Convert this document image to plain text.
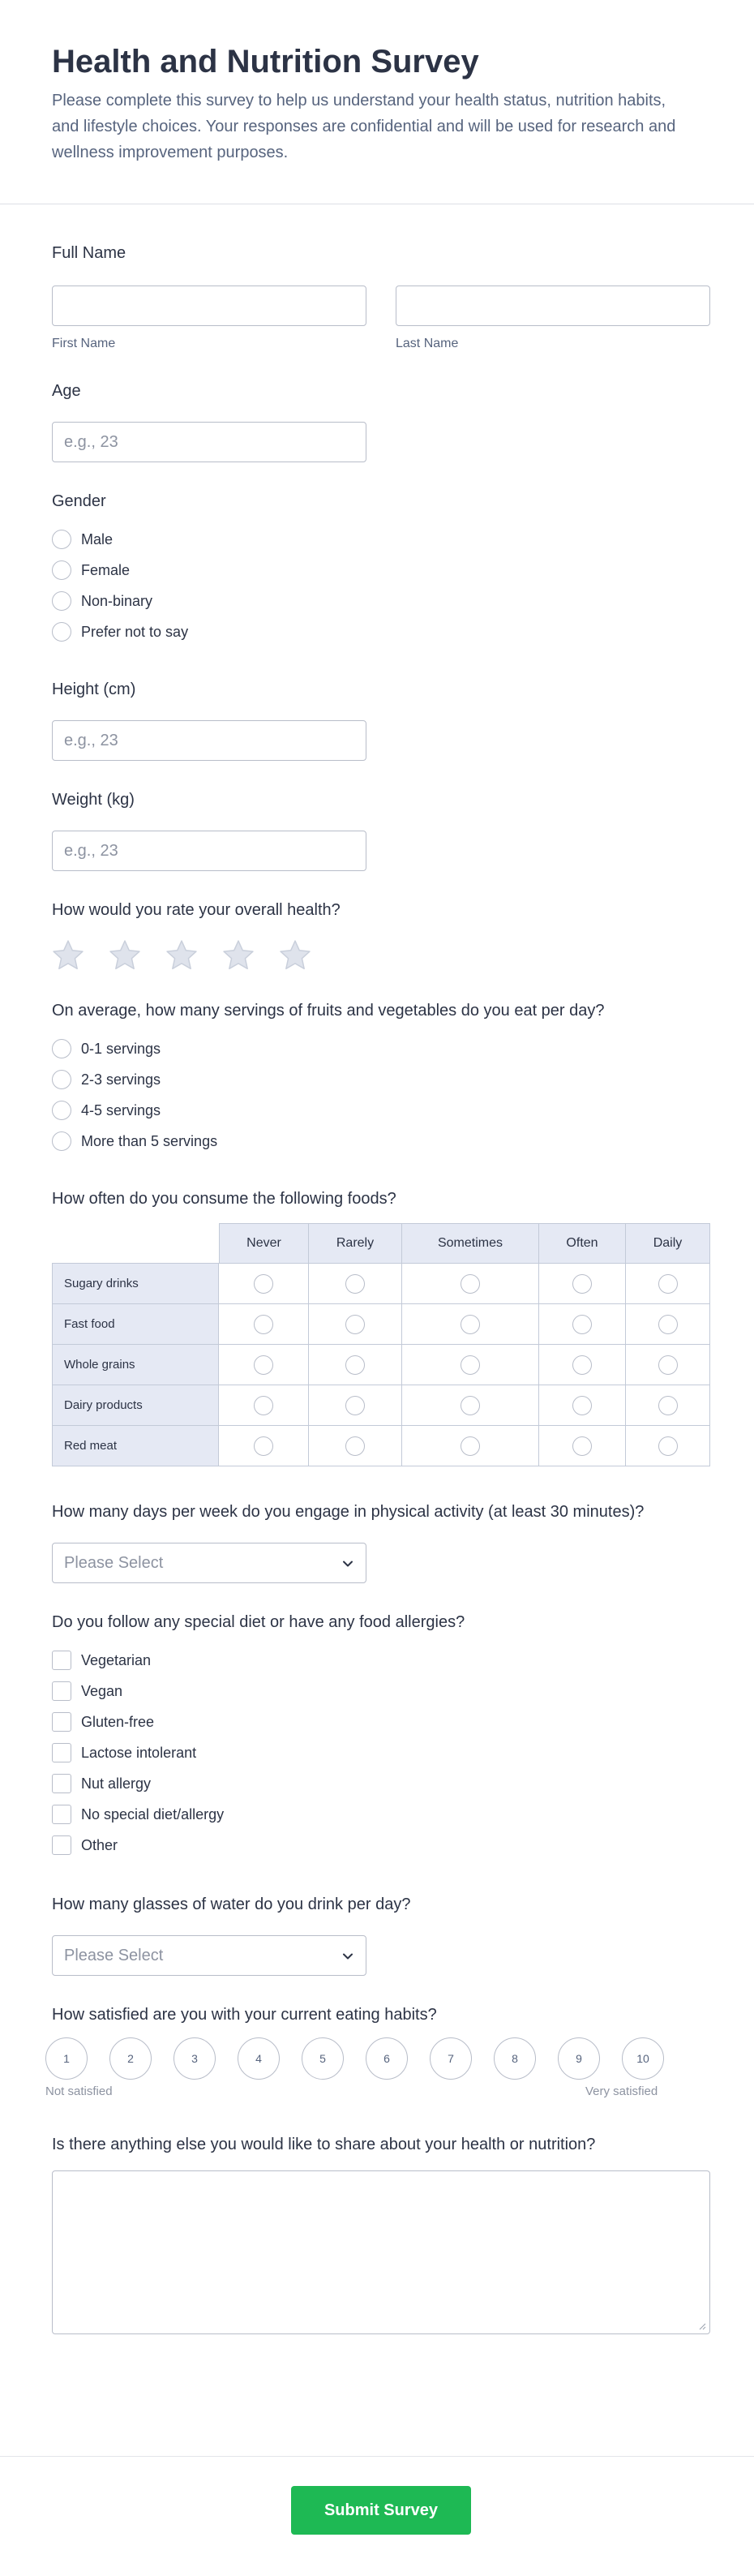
Health and Nutrition Survey
Please complete this survey to help us understand your health status, nutrition habits, and lifestyle choices. Your responses are confidential and will be used for research and wellness improvement purposes.
Full Name
First Name	Last Name
Age
e.g., 23
Gender
Male
Female
Non-binary
Prefer not to say
Height (cm)
e.g., 23
Weight (kg)
e.g., 23
How would you rate your overall health?
On average, how many servings of fruits and vegetables do you eat per day?
0-1 servings
2-3 servings
4-5 servings
More than 5 servings
How often do you consume the following foods?
Never	Rarely	Sometimes	Often	Daily
Sugary drinks
Fast food
Whole grains
Dairy products
Red meat
How many days per week do you engage in physical activity (at least 30 minutes)?
Please Select
Do you follow any special diet or have any food allergies?
Vegetarian
Vegan
Gluten-free
Lactose intolerant
Nut allergy
No special diet/allergy
Other
How many glasses of water do you drink per day?
Please Select
How satisfied are you with your current eating habits?
1	2	3	4	5	6	7	8	9	10
Not satisfied	Very satisfied
Is there anything else you would like to share about your health or nutrition?
Submit Survey
